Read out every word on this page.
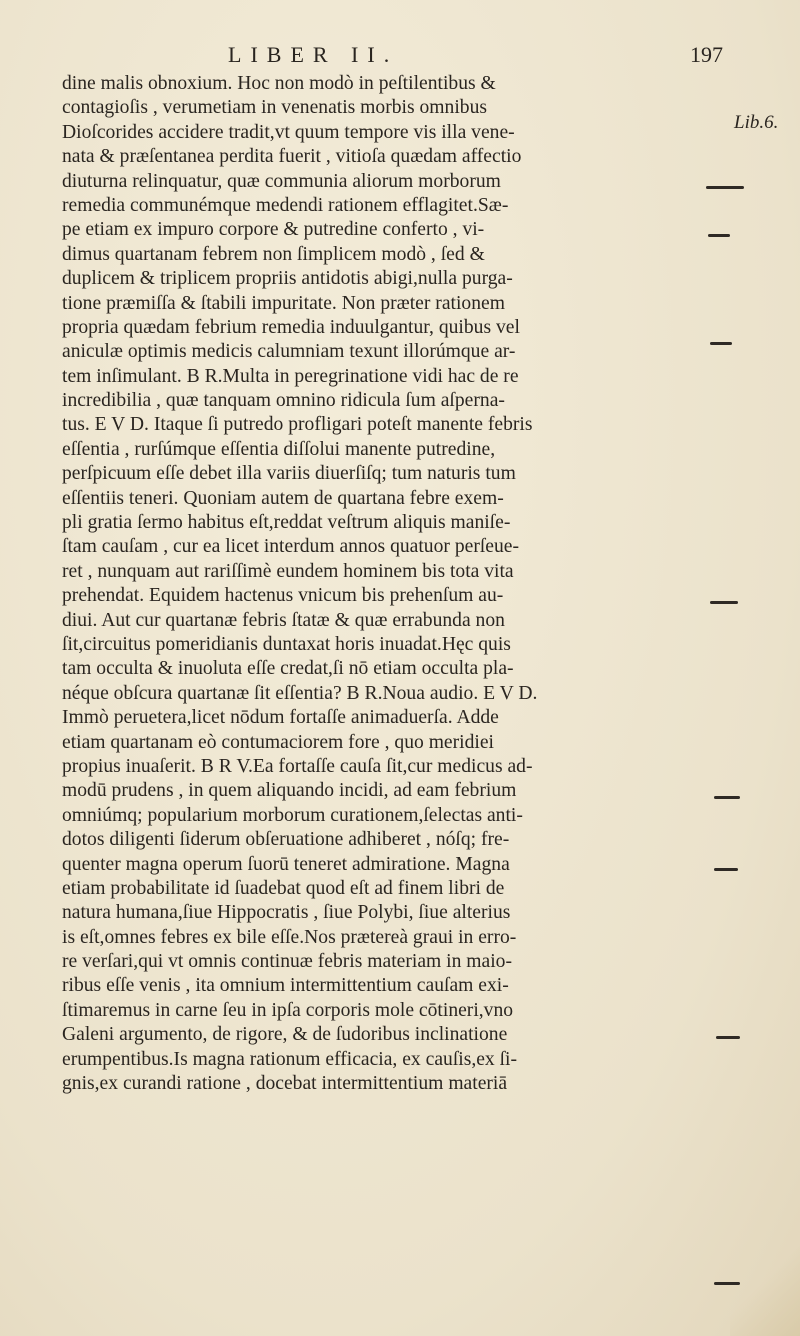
LIBER II.	197
dine malis obnoxium. Hoc non modò in peſtilentibus &
contagioſis , verumetiam in venenatis morbis omnibus
Dioſcorides accidere tradit,vt quum tempore vis illa vene-
nata & præſentanea perdita fuerit , vitioſa quædam affectio
diuturna relinquatur, quæ communia aliorum morborum
remedia communémque medendi rationem efflagitet.Sæ-
pe etiam ex impuro corpore & putredine conferto , vi-
dimus quartanam febrem non ſimplicem modò , ſed &
duplicem & triplicem propriis antidotis abigi,nulla purga-
tione præmiſſa & ſtabili impuritate. Non præter rationem
propria quædam febrium remedia induulgantur, quibus vel
aniculæ optimis medicis calumniam texunt illorúmque ar-
tem inſimulant. B R.Multa in peregrinatione vidi hac de re
incredibilia , quæ tanquam omnino ridicula ſum aſperna-
tus. E V D. Itaque ſi putredo profligari poteſt manente febris
eſſentia , rurſúmque eſſentia diſſolui manente putredine,
perſpicuum eſſe debet illa variis diuerſiſq; tum naturis tum
eſſentiis teneri. Quoniam autem de quartana febre exem-
pli gratia ſermo habitus eſt,reddat veſtrum aliquis maniſe-
ſtam cauſam , cur ea licet interdum annos quatuor perſeue-
ret , nunquam aut rariſſimè eundem hominem bis tota vita
prehendat. Equidem hactenus vnicum bis prehenſum au-
diui. Aut cur quartanæ febris ſtatæ & quæ errabunda non
ſit,circuitus pomeridianis duntaxat horis inuadat.Hęc quis
tam occulta & inuoluta eſſe credat,ſi nō etiam occulta pla-
néque obſcura quartanæ ſit eſſentia? B R.Noua audio. E V D.
Immò peruetera,licet nōdum fortaſſe animaduerſa. Adde
etiam quartanam eò contumaciorem fore , quo meridiei
propius inuaſerit. B R V.Ea fortaſſe cauſa ſit,cur medicus ad-
modū prudens , in quem aliquando incidi, ad eam febrium
omniúmq; popularium morborum curationem,ſelectas anti-
dotos diligenti ſiderum obſeruatione adhiberet , nóſq; fre-
quenter magna operum ſuorū teneret admiratione. Magna
etiam probabilitate id ſuadebat quod eſt ad finem libri de
natura humana,ſiue Hippocratis , ſiue Polybi, ſiue alterius
is eſt,omnes febres ex bile eſſe.Nos prætereà graui in erro-
re verſari,qui vt omnis continuæ febris materiam in maio-
ribus eſſe venis , ita omnium intermittentium cauſam exi-
ſtimaremus in carne ſeu in ipſa corporis mole cōtineri,vno
Galeni argumento, de rigore, & de ſudoribus inclinatione
erumpentibus.Is magna rationum efficacia, ex cauſis,ex ſi-
gnis,ex curandi ratione , docebat intermittentium materiā
Lib.6.
